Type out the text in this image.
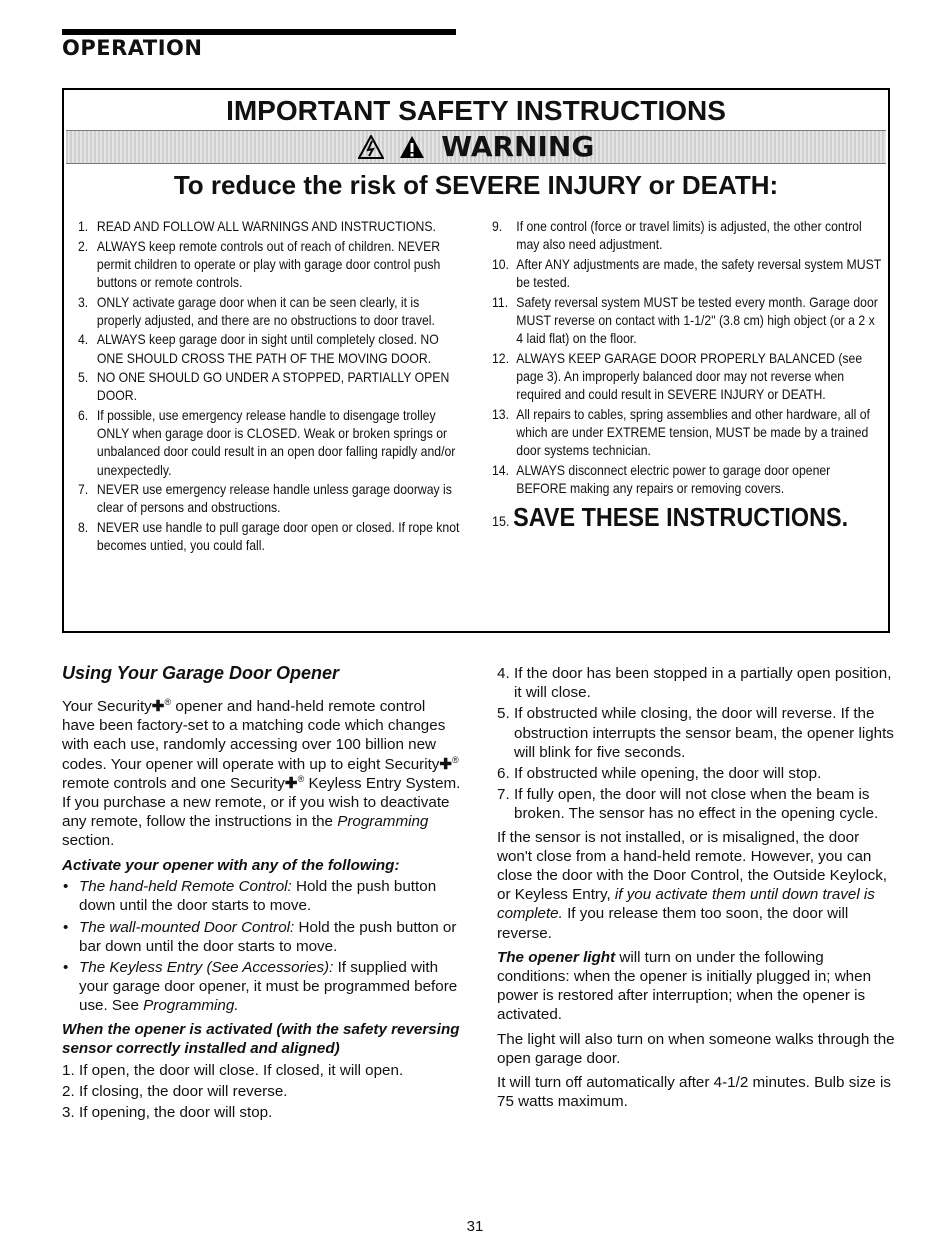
OPERATION
IMPORTANT SAFETY INSTRUCTIONS
WARNING
To reduce the risk of SEVERE INJURY or DEATH:
1. READ AND FOLLOW ALL WARNINGS AND INSTRUCTIONS.
2. ALWAYS keep remote controls out of reach of children. NEVER permit children to operate or play with garage door control push buttons or remote controls.
3. ONLY activate garage door when it can be seen clearly, it is properly adjusted, and there are no obstructions to door travel.
4. ALWAYS keep garage door in sight until completely closed. NO ONE SHOULD CROSS THE PATH OF THE MOVING DOOR.
5. NO ONE SHOULD GO UNDER A STOPPED, PARTIALLY OPEN DOOR.
6. If possible, use emergency release handle to disengage trolley ONLY when garage door is CLOSED. Weak or broken springs or unbalanced door could result in an open door falling rapidly and/or unexpectedly.
7. NEVER use emergency release handle unless garage doorway is clear of persons and obstructions.
8. NEVER use handle to pull garage door open or closed. If rope knot becomes untied, you could fall.
9. If one control (force or travel limits) is adjusted, the other control may also need adjustment.
10. After ANY adjustments are made, the safety reversal system MUST be tested.
11. Safety reversal system MUST be tested every month. Garage door MUST reverse on contact with 1-1/2" (3.8 cm) high object (or a 2 x 4 laid flat) on the floor.
12. ALWAYS KEEP GARAGE DOOR PROPERLY BALANCED (see page 3). An improperly balanced door may not reverse when required and could result in SEVERE INJURY or DEATH.
13. All repairs to cables, spring assemblies and other hardware, all of which are under EXTREME tension, MUST be made by a trained door systems technician.
14. ALWAYS disconnect electric power to garage door opener BEFORE making any repairs or removing covers.
15. SAVE THESE INSTRUCTIONS.
Using Your Garage Door Opener

Your Security✚® opener and hand-held remote control have been factory-set to a matching code which changes with each use, randomly accessing over 100 billion new codes. Your opener will operate with up to eight Security✚® remote controls and one Security✚® Keyless Entry System. If you purchase a new remote, or if you wish to deactivate any remote, follow the instructions in the Programming section.

Activate your opener with any of the following:
• The hand-held Remote Control: Hold the push button down until the door starts to move.
• The wall-mounted Door Control: Hold the push button or bar down until the door starts to move.
• The Keyless Entry (See Accessories): If supplied with your garage door opener, it must be programmed before use. See Programming.
When the opener is activated (with the safety reversing sensor correctly installed and aligned)
1. If open, the door will close. If closed, it will open.
2. If closing, the door will reverse.
3. If opening, the door will stop.
4. If the door has been stopped in a partially open position, it will close.
5. If obstructed while closing, the door will reverse. If the obstruction interrupts the sensor beam, the opener lights will blink for five seconds.
6. If obstructed while opening, the door will stop.
7. If fully open, the door will not close when the beam is broken. The sensor has no effect in the opening cycle.

If the sensor is not installed, or is misaligned, the door won't close from a hand-held remote. However, you can close the door with the Door Control, the Outside Keylock, or Keyless Entry, if you activate them until down travel is complete. If you release them too soon, the door will reverse.

The opener light will turn on under the following conditions: when the opener is initially plugged in; when power is restored after interruption; when the opener is activated.

The light will also turn on when someone walks through the open garage door.

It will turn off automatically after 4-1/2 minutes. Bulb size is 75 watts maximum.

31
